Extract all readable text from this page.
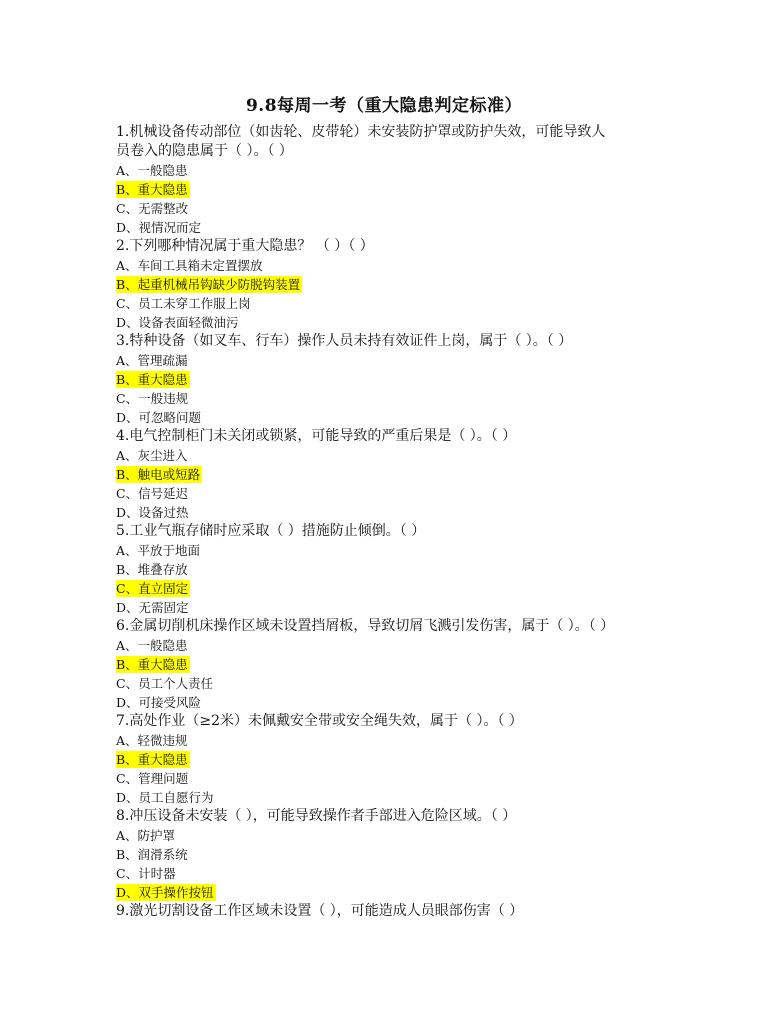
9.8每周一考（重大隐患判定标准）

1.机械设备传动部位（如齿轮、皮带轮）未安装防护罩或防护失效，可能导致人

员卷入的隐患属于（ ）。（ ）

A、一般隐患
B、重大隐患
C、无需整改
D、视情况而定

2.下列哪种情况属于重大隐患？ （ ）（ ）

A、车间工具箱未定置摆放
B、起重机械吊钩缺少防脱钩装置
C、员工未穿工作服上岗
D、设备表面轻微油污

3.特种设备（如叉车、行车）操作人员未持有效证件上岗，属于（ ）。（ ）

A、管理疏漏
B、重大隐患
C、一般违规
D、可忽略问题

4.电气控制柜门未关闭或锁紧，可能导致的严重后果是（ ）。（ ）

A、灰尘进入
B、触电或短路
C、信号延迟
D、设备过热

5.工业气瓶存储时应采取（ ）措施防止倾倒。（ ）

A、平放于地面
B、堆叠存放
C、直立固定
D、无需固定

6.金属切削机床操作区域未设置挡屑板，导致切屑飞溅引发伤害，属于（ ）。（ ）

A、一般隐患
B、重大隐患
C、员工个人责任
D、可接受风险

7.高处作业（≥2米）未佩戴安全带或安全绳失效，属于（ ）。（ ）

A、轻微违规
B、重大隐患
C、管理问题
D、员工自愿行为

8.冲压设备未安装（ ），可能导致操作者手部进入危险区域。（ ）

A、防护罩
B、润滑系统
C、计时器
D、双手操作按钮

9.激光切割设备工作区域未设置（ ），可能造成人员眼部伤害（ ）
